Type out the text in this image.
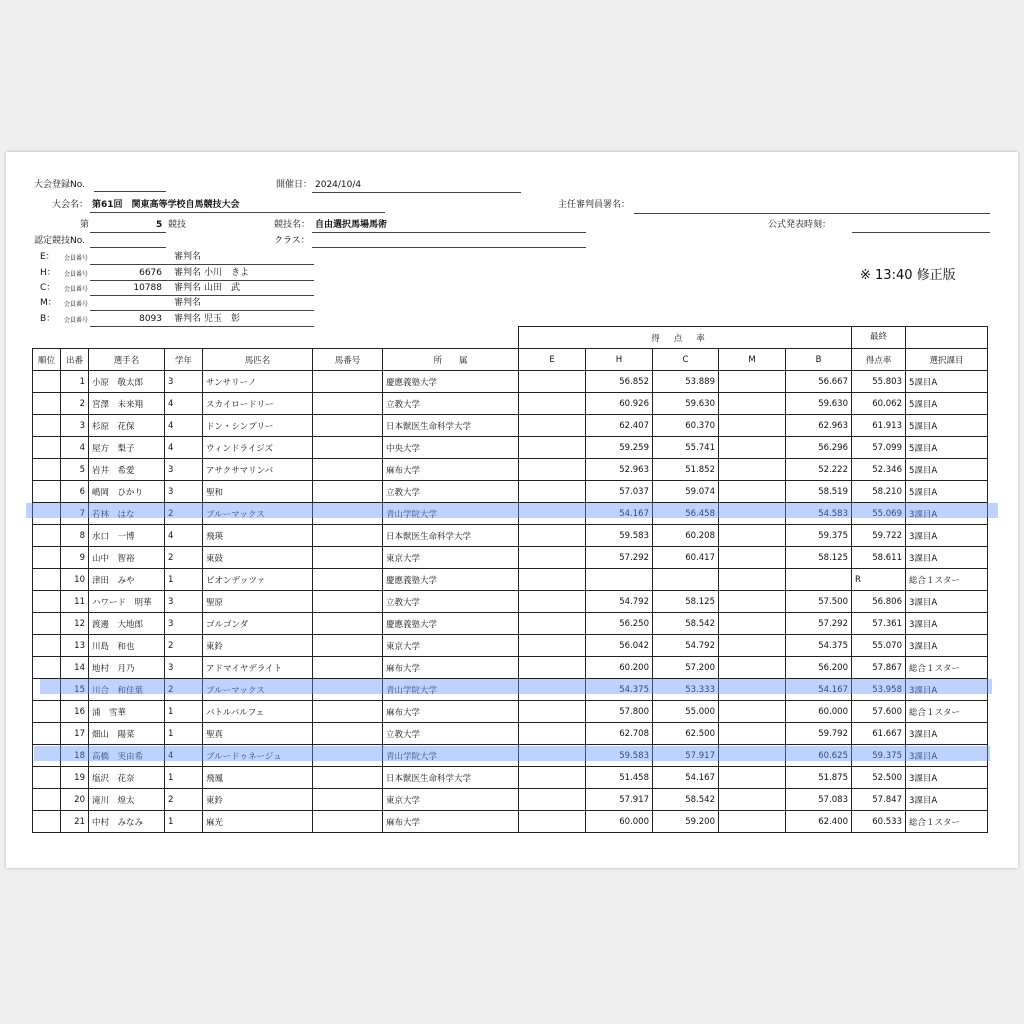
大会登録No.	開催日： 2024/10/4
大会名： 第61回　関東高等学校自馬競技大会	主任審判員署名：
第	5 競技	競技名： 自由選択馬場馬術	公式発表時刻：
認定競技No.	クラス：
E： 会員番号	審判名
H： 会員番号	6676 審判名 小川　きよ
C： 会員番号	10788 審判名 山田　武
M： 会員番号	審判名
B： 会員番号	8093 審判名 児玉　彰
※ 13:40 修正版
							得点率					最終	
順位	出番	選手名	学年	馬匹名	馬番号	所　　属	E	H	C	M	B	得点率	選択課目
	1	小原　敬太郎	3	サンサリーノ		慶應義塾大学		56.852	53.889		56.667	55.803	5課目A
	2	宮澤　未来翔	4	スカイロードリー		立教大学		60.926	59.630		59.630	60.062	5課目A
	3	杉原　花保	4	ドン・シンプリー		日本獣医生命科学大学		62.407	60.370		62.963	61.913	5課目A
	4	屋方　梨子	4	ウィンドライジズ		中央大学		59.259	55.741		56.296	57.099	5課目A
	5	岩井　希愛	3	アサクサマリンバ		麻布大学		52.963	51.852		52.222	52.346	5課目A
	6	嶋岡　ひかり	3	聖和		立教大学		57.037	59.074		58.519	58.210	5課目A
	7	若林　はな	2	ブルーマックス		青山学院大学		54.167	56.458		54.583	55.069	3課目A
	8	水口　一博	4	飛瑛		日本獣医生命科学大学		59.583	60.208		59.375	59.722	3課目A
	9	山中　智裕	2	東鼓		東京大学		57.292	60.417		58.125	58.611	3課目A
	10	津田　みや	1	ビオンデッツァ		慶應義塾大学						R	総合１スター
	11	ハワード　明華	3	聖原		立教大学		54.792	58.125		57.500	56.806	3課目A
	12	渡邊　大地郎	3	ゴルゴンダ		慶應義塾大学		56.250	58.542		57.292	57.361	3課目A
	13	川島　和也	2	東鈴		東京大学		56.042	54.792		54.375	55.070	3課目A
	14	地村　月乃	3	アドマイヤデライト		麻布大学		60.200	57.200		56.200	57.867	総合１スター
	15	川合　和佳葉	2	ブルーマックス		青山学院大学		54.375	53.333		54.167	53.958	3課目A
	16	浦　雪華	1	バトルバルフェ		麻布大学		57.800	55.000		60.000	57.600	総合１スター
	17	畑山　陽菜	1	聖真		立教大学		62.708	62.500		59.792	61.667	3課目A
	18	高橋　実由希	4	ブルードゥネージュ		青山学院大学		59.583	57.917		60.625	59.375	3課目A
	19	塩沢　花奈	1	飛鳳		日本獣医生命科学大学		51.458	54.167		51.875	52.500	3課目A
	20	滝川　煌太	2	東鈴		東京大学		57.917	58.542		57.083	57.847	3課目A
	21	中村　みなみ	1	麻光		麻布大学		60.000	59.200		62.400	60.533	総合１スター
